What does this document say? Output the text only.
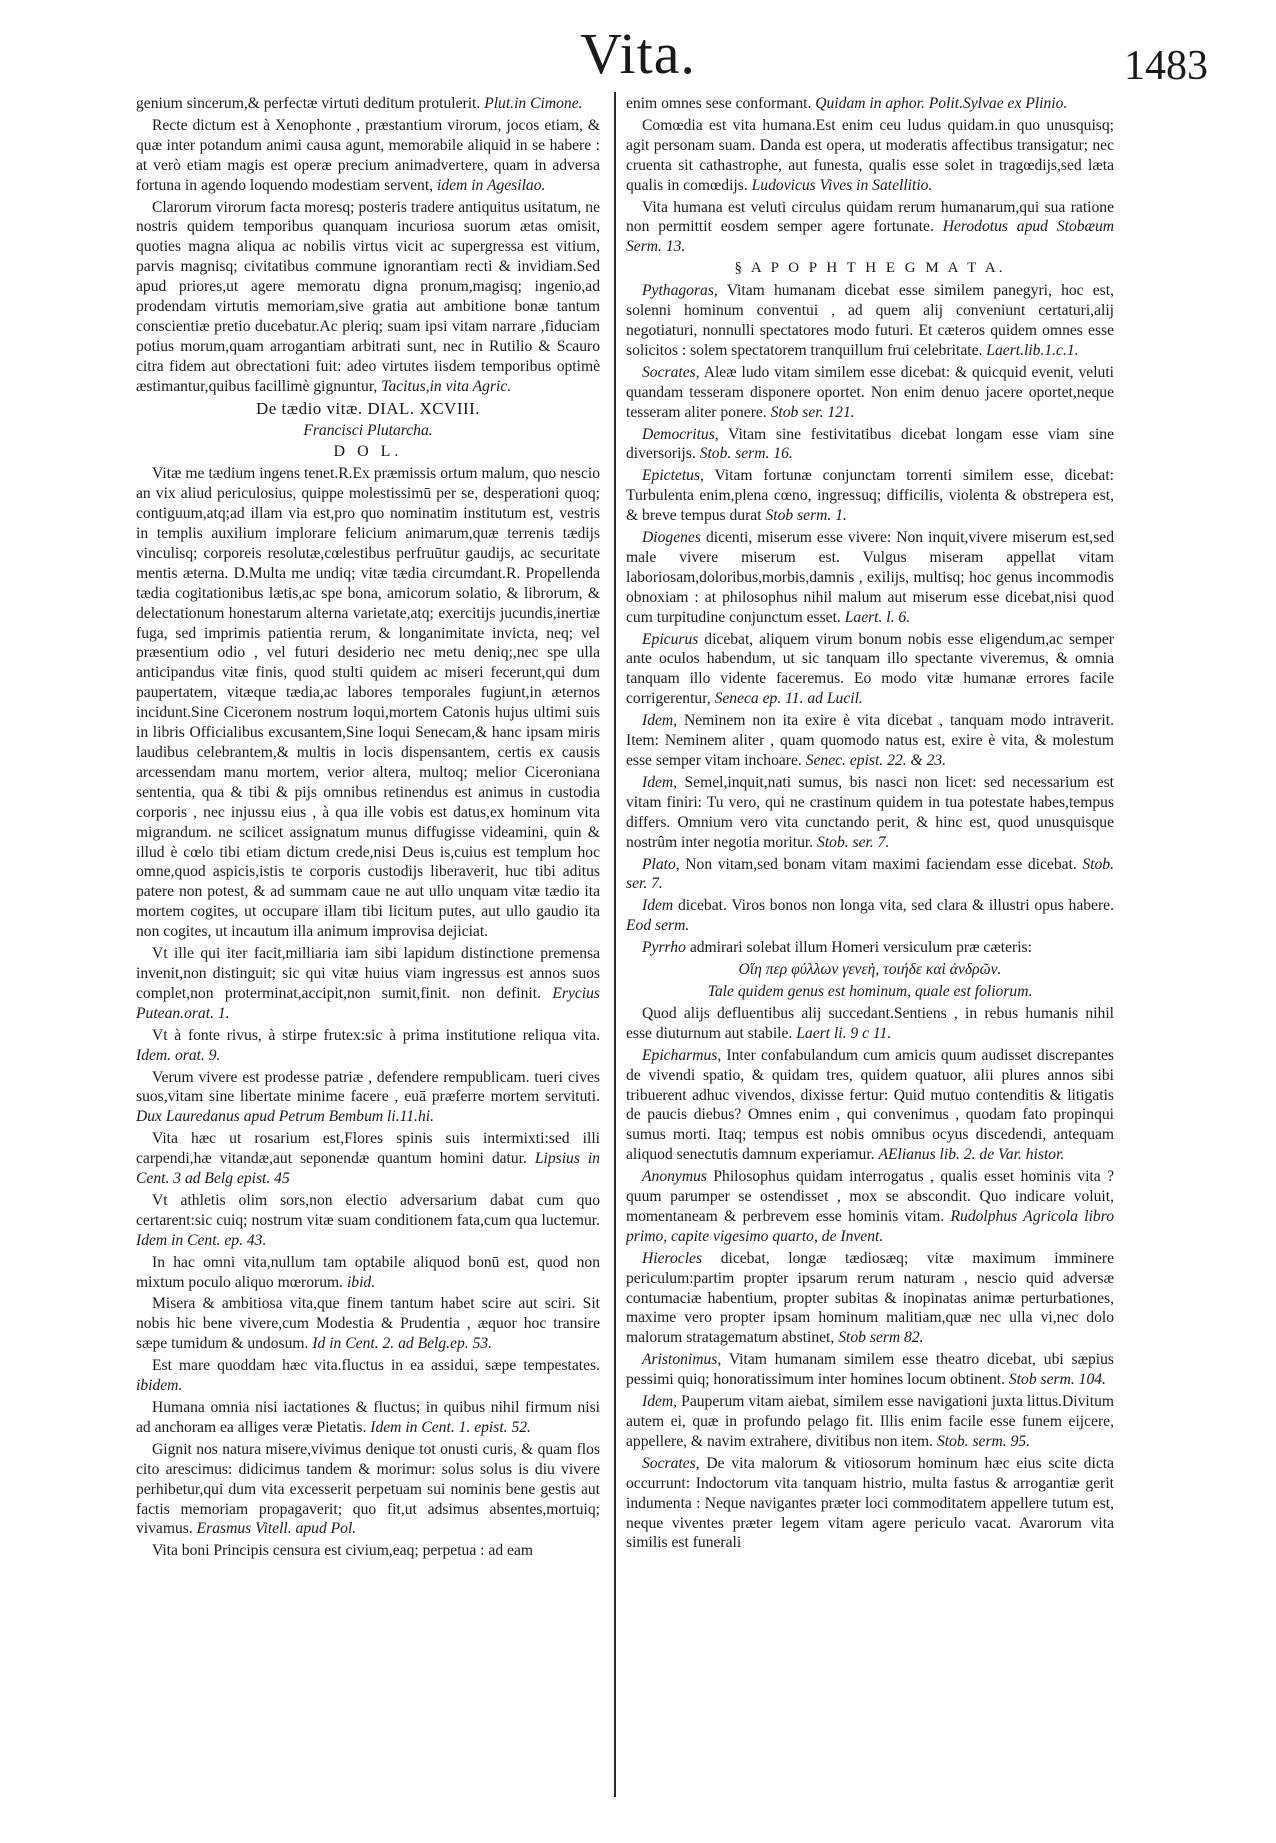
Vita.	1483

genium sincerum,& perfectæ virtuti deditum protulerit. Plut.in Cimone.

Recte dictum est à Xenophonte , præstantium virorum, jocos etiam, & quæ inter potandum animi causa agunt, memorabile aliquid in se habere : at verò etiam magis est operæ precium animadvertere, quam in adversa fortuna in agendo loquendo modestiam servent, idem in Agesilao.

Clarorum virorum facta moresq; posteris tradere antiquitus usitatum, ne nostris quidem temporibus quanquam incuriosa suorum ætas omisit, quoties magna aliqua ac nobilis virtus vicit ac supergressa est vitium, parvis magnisq; civitatibus commune ignorantiam recti & invidiam.Sed apud priores,ut agere memoratu digna pronum,magisq; ingenio,ad prodendam virtutis memoriam,sive gratia aut ambitione bonæ tantum conscientiæ pretio ducebatur.Ac pleriq; suam ipsi vitam narrare ,fiduciam potius morum,quam arrogantiam arbitrati sunt, nec in Rutilio & Scauro citra fidem aut obrectationi fuit: adeo virtutes iisdem temporibus optimè æstimantur,quibus facillimè gignuntur, Tacitus,in vita Agric.

De tædio vitæ. DIAL. XCVIII.

Francisci Plutarcha.

D O L.

Vitæ me tædium ingens tenet.R.Ex præmissis ortum malum, quo nescio an vix aliud periculosius, quippe molestissimū per se, desperationi quoq; contiguum,atq;ad illam via est,pro quo nominatim institutum est, vestris in templis auxilium implorare felicium animarum,quæ terrenis tædijs vinculisq; corporeis resolutæ,cœlestibus perfruūtur gaudijs, ac securitate mentis æterna. D.Multa me undiq; vitæ tædia circumdant.R. Propellenda tædia cogitationibus lætis,ac spe bona, amicorum solatio, & librorum, & delectationum honestarum alterna varietate,atq; exercitijs jucundis,inertiæ fuga, sed imprimis patientia rerum, & longanimitate invicta, neq; vel præsentium odio , vel futuri desiderio nec metu deniq;,nec spe ulla anticipandus vitæ finis, quod stulti quidem ac miseri fecerunt,qui dum paupertatem, vitæque tædia,ac labores temporales fugiunt,in æternos incidunt.Sine Ciceronem nostrum loqui,mortem Catonis hujus ultimi suis in libris Officialibus excusantem,Sine loqui Senecam,& hanc ipsam miris laudibus celebrantem,& multis in locis dispensantem, certis ex causis arcessendam manu mortem, verior altera, multoq; melior Ciceroniana sententia, qua & tibi & pijs omnibus retinendus est animus in custodia corporis , nec injussu eius , à qua ille vobis est datus,ex hominum vita migrandum. ne scilicet assignatum munus diffugisse videamini, quin & illud è cœlo tibi etiam dictum crede,nisi Deus is,cuius est templum hoc omne,quod aspicis,istis te corporis custodijs liberaverit, huc tibi aditus patere non potest, & ad summam caue ne aut ullo unquam vitæ tædio ita mortem cogites, ut occupare illam tibi licitum putes, aut ullo gaudio ita non cogites, ut incautum illa animum improvisa dejiciat.

Vt ille qui iter facit,milliaria iam sibi lapidum distinctione premensa invenit,non distinguit; sic qui vitæ huius viam ingressus est annos suos complet,non proterminat,accipit,non sumit,finit. non definit. Erycius Putean.orat. 1.

Vt à fonte rivus, à stirpe frutex:sic à prima institutione reliqua vita. Idem. orat. 9.

Verum vivere est prodesse patriæ , defendere rempublicam. tueri cives suos,vitam sine libertate minime facere , euā præferre mortem servituti. Dux Lauredanus apud Petrum Bembum li.11.hi.

Vita hæc ut rosarium est,Flores spinis suis intermixti:sed illi carpendi,hæ vitandæ,aut seponendæ quantum homini datur. Lipsius in Cent. 3 ad Belg epist. 45

Vt athletis olim sors,non electio adversarium dabat cum quo certarent:sic cuiq; nostrum vitæ suam conditionem fata,cum qua luctemur. Idem in Cent. ep. 43.

In hac omni vita,nullum tam optabile aliquod bonū est, quod non mixtum poculo aliquo mœrorum. ibid.

Misera & ambitiosa vita,que finem tantum habet scire aut sciri. Sit nobis hic bene vivere,cum Modestia & Prudentia , æquor hoc transire sæpe tumidum & undosum. Id in Cent. 2. ad Belg.ep. 53.

Est mare quoddam hæc vita.fluctus in ea assidui, sæpe tempestates. ibidem.

Humana omnia nisi iactationes & fluctus; in quibus nihil firmum nisi ad anchoram ea alliges veræ Pietatis. Idem in Cent. 1. epist. 52.

Gignit nos natura misere,vivimus denique tot onusti curis, & quam flos cito arescimus: didicimus tandem & morimur: solus solus is diu vivere perhibetur,qui dum vita excesserit perpetuam sui nominis bene gestis aut factis memoriam propagaverit; quo fit,ut adsimus absentes,mortuiq; vivamus. Erasmus Vitell. apud Pol.

Vita boni Principis censura est civium,eaq; perpetua : ad eam

enim omnes sese conformant. Quidam in aphor. Polit.Sylvae ex Plinio.

Comœdia est vita humana.Est enim ceu ludus quidam.in quo unusquisq; agit personam suam. Danda est opera, ut moderatis affectibus transigatur; nec cruenta sit cathastrophe, aut funesta, qualis esse solet in tragœdijs,sed læta qualis in comœdijs. Ludovicus Vives in Satellitio.

Vita humana est veluti circulus quidam rerum humanarum,qui sua ratione non permittit eosdem semper agere fortunate. Herodotus apud Stobæum Serm. 13.

§ A P O P H T H E G M A T A.

Pythagoras, Vitam humanam dicebat esse similem panegyri, hoc est, solenni hominum conventui , ad quem alij conveniunt certaturi,alij negotiaturi, nonnulli spectatores modo futuri. Et cæteros quidem omnes esse solicitos : solem spectatorem tranquillum frui celebritate. Laert.lib.1.c.1.

Socrates, Aleæ ludo vitam similem esse dicebat: & quicquid evenit, veluti quandam tesseram disponere oportet. Non enim denuo jacere oportet,neque tesseram aliter ponere. Stob ser. 121.

Democritus, Vitam sine festivitatibus dicebat longam esse viam sine diversorijs. Stob. serm. 16.

Epictetus, Vitam fortunæ conjunctam torrenti similem esse, dicebat: Turbulenta enim,plena cœno, ingressuq; difficilis, violenta & obstrepera est, & breve tempus durat Stob serm. 1.

Diogenes dicenti, miserum esse vivere: Non inquit,vivere miserum est,sed male vivere miserum est. Vulgus miseram appellat vitam laboriosam,doloribus,morbis,damnis , exilijs, multisq; hoc genus incommodis obnoxiam : at philosophus nihil malum aut miserum esse dicebat,nisi quod cum turpitudine conjunctum esset. Laert. l. 6.

Epicurus dicebat, aliquem virum bonum nobis esse eligendum,ac semper ante oculos habendum, ut sic tanquam illo spectante viveremus, & omnia tanquam illo vidente faceremus. Eo modo vitæ humanæ errores facile corrigerentur, Seneca ep. 11. ad Lucil.

Idem, Neminem non ita exire è vita dicebat , tanquam modo intraverit. Item: Neminem aliter , quam quomodo natus est, exire è vita, & molestum esse semper vitam inchoare. Senec. epist. 22. & 23.

Idem, Semel,inquit,nati sumus, bis nasci non licet: sed necessarium est vitam finiri: Tu vero, qui ne crastinum quidem in tua potestate habes,tempus differs. Omnium vero vita cunctando perit, & hinc est, quod unusquisque nostrûm inter negotia moritur. Stob. ser. 7.

Plato, Non vitam,sed bonam vitam maximi faciendam esse dicebat. Stob. ser. 7.

Idem dicebat. Viros bonos non longa vita, sed clara & illustri opus habere. Eod serm.

Pyrrho admirari solebat illum Homeri versiculum præ cæteris:

Οἵη περ φύλλων γενεὴ, τοιήδε καὶ ἀνδρῶν.

Tale quidem genus est hominum, quale est foliorum.

Quod alijs defluentibus alij succedant.Sentiens , in rebus humanis nihil esse diuturnum aut stabile. Laert li. 9 c 11.

Epicharmus, Inter confabulandum cum amicis quum audisset discrepantes de vivendi spatio, & quidam tres, quidem quatuor, alii plures annos sibi tribuerent adhuc vivendos, dixisse fertur: Quid mutuo contenditis & litigatis de paucis diebus? Omnes enim , qui convenimus , quodam fato propinqui sumus morti. Itaq; tempus est nobis omnibus ocyus discedendi, antequam aliquod senectutis damnum experiamur. AElianus lib. 2. de Var. histor.

Anonymus Philosophus quidam interrogatus , qualis esset hominis vita ? quum parumper se ostendisset , mox se abscondit. Quo indicare voluit, momentaneam & perbrevem esse hominis vitam. Rudolphus Agricola libro primo, capite vigesimo quarto, de Invent.

Hierocles dicebat, longæ tædiosæq; vitæ maximum imminere periculum:partim propter ipsarum rerum naturam , nescio quid adversæ contumaciæ habentium, propter subitas & inopinatas animæ perturbationes, maxime vero propter ipsam hominum malitiam,quæ nec ulla vi,nec dolo malorum stratagematum abstinet, Stob serm 82.

Aristonimus, Vitam humanam similem esse theatro dicebat, ubi sæpius pessimi quiq; honoratissimum inter homines locum obtinent. Stob serm. 104.

Idem, Pauperum vitam aiebat, similem esse navigationi juxta littus.Divitum autem ei, quæ in profundo pelago fit. Illis enim facile esse funem eijcere, appellere, & navim extrahere, divitibus non item. Stob. serm. 95.

Socrates, De vita malorum & vitiosorum hominum hæc eius scite dicta occurrunt: Indoctorum vita tanquam histrio, multa fastus & arrogantiæ gerit indumenta : Neque navigantes præter loci commoditatem appellere tutum est, neque viventes præter legem vitam agere periculo vacat. Avarorum vita similis est funerali
